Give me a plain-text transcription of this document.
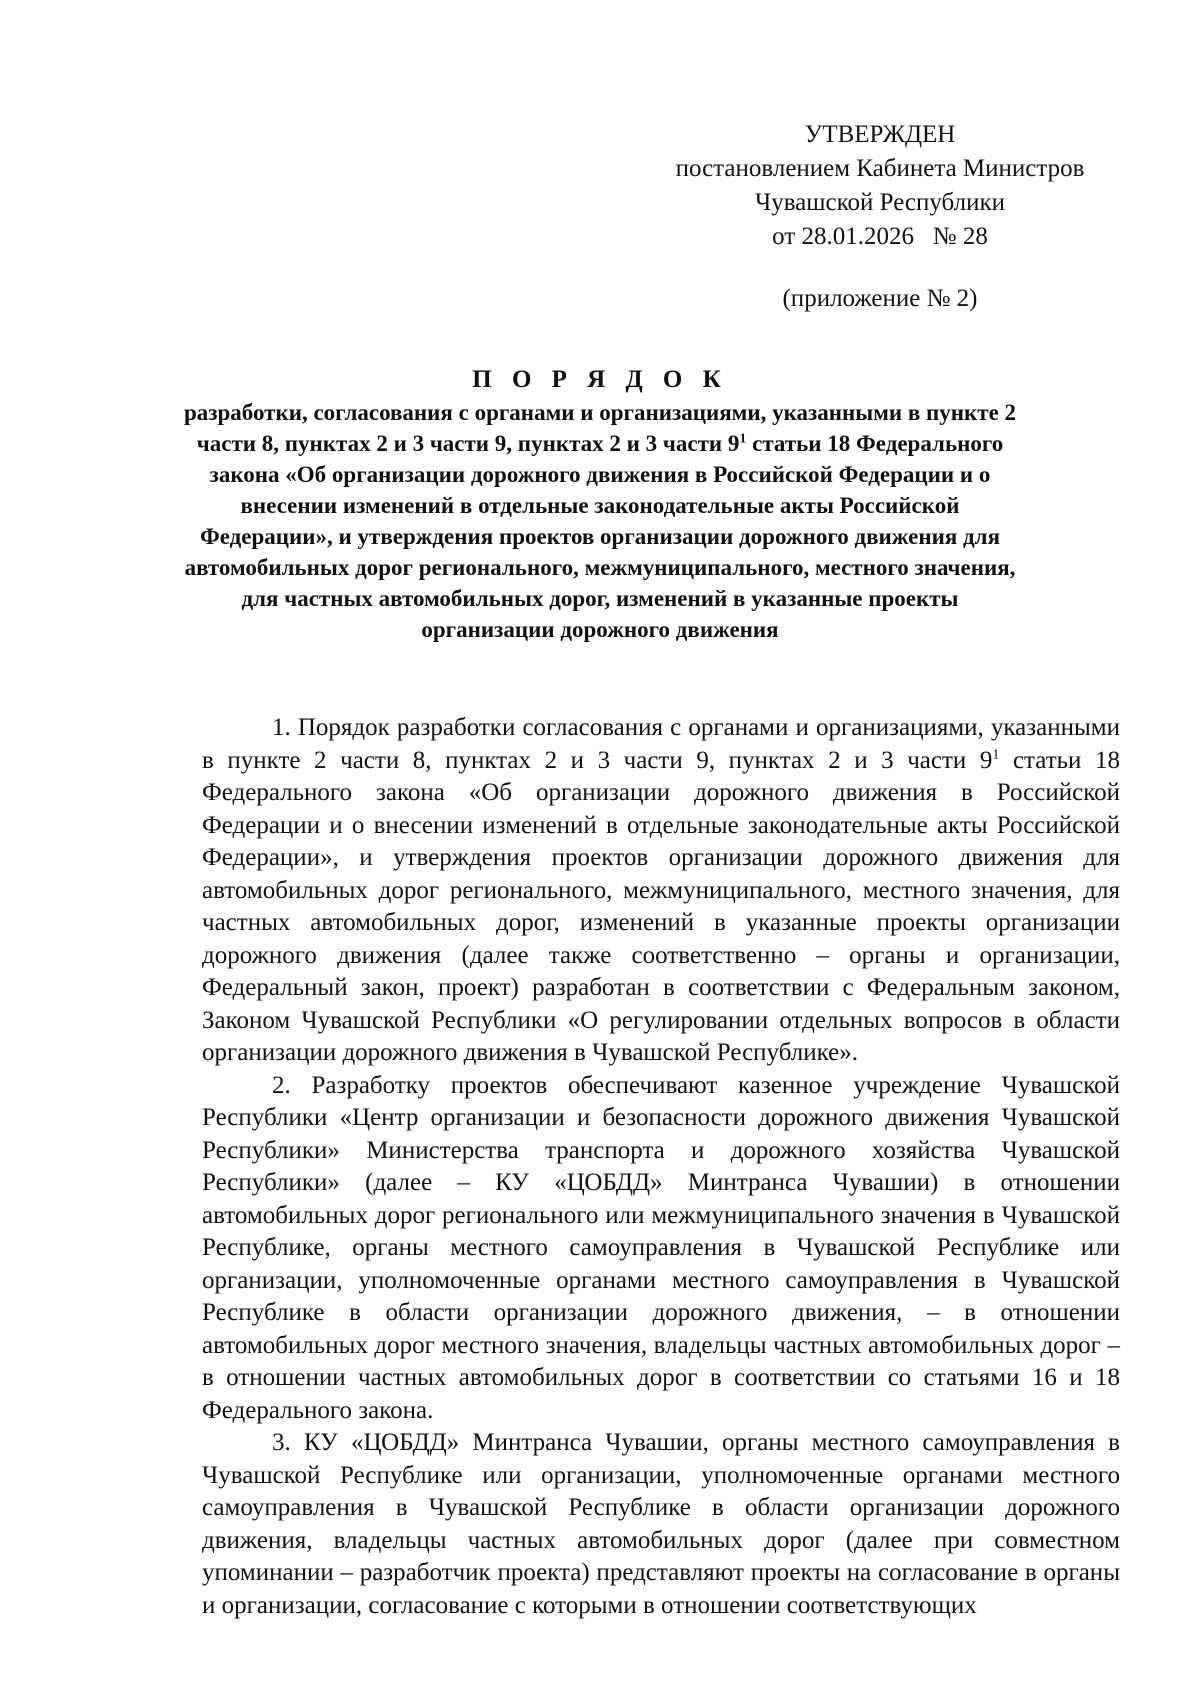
УТВЕРЖДЕН
постановлением Кабинета Министров
Чувашской Республики
от 28.01.2026   № 28
(приложение № 2)
П О Р Я Д О К
разработки, согласования с органами и организациями, указанными в пункте 2 части 8, пунктах 2 и 3 части 9, пунктах 2 и 3 части $9^1$ статьи 18 Федерального закона «Об организации дорожного движения в Российской Федерации и о внесении изменений в отдельные законодательные акты Российской Федерации», и утверждения проектов организации дорожного движения для автомобильных дорог регионального, межмуниципального, местного значения, для частных автомобильных дорог, изменений в указанные проекты организации дорожного движения

1. Порядок разработки согласования с органами и организациями, указанными в пункте 2 части 8, пунктах 2 и 3 части 9, пунктах 2 и 3 части $9^1$ статьи 18 Федерального закона «Об организации дорожного движения в Российской Федерации и о внесении изменений в отдельные законодательные акты Российской Федерации», и утверждения проектов организации дорожного движения для автомобильных дорог регионального, межмуниципального, местного значения, для частных автомобильных дорог, изменений в указанные проекты организации дорожного движения (далее также соответственно – органы и организации, Федеральный закон, проект) разработан в соответствии с Федеральным законом, Законом Чувашской Республики «О регулировании отдельных вопросов в области организации дорожного движения в Чувашской Республике».

2. Разработку проектов обеспечивают казенное учреждение Чувашской Республики «Центр организации и безопасности дорожного движения Чувашской Республики» Министерства транспорта и дорожного хозяйства Чувашской Республики» (далее – КУ «ЦОБДД» Минтранса Чувашии) в отношении автомобильных дорог регионального или межмуниципального значения в Чувашской Республике, органы местного самоуправления в Чувашской Республике или организации, уполномоченные органами местного самоуправления в Чувашской Республике в области организации дорожного движения, – в отношении автомобильных дорог местного значения, владельцы частных автомобильных дорог – в отношении частных автомобильных дорог в соответствии со статьями 16 и 18 Федерального закона.

3. КУ «ЦОБДД» Минтранса Чувашии, органы местного самоуправления в Чувашской Республике или организации, уполномоченные органами местного самоуправления в Чувашской Республике в области организации дорожного движения, владельцы частных автомобильных дорог (далее при совместном упоминании – разработчик проекта) представляют проекты на согласование в органы и организации, согласование с которыми в отношении соответствующих
